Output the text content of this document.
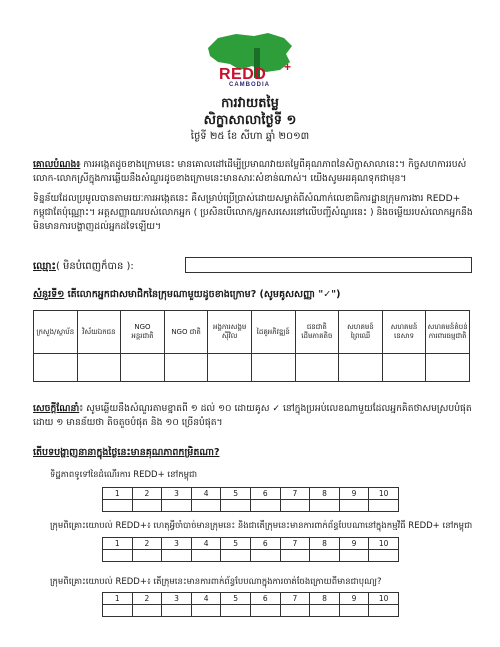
REDD +
CAMBODIA
ការវាយតម្លៃ
សិក្ខាសាលាថ្ងៃទី ១
ថ្ងៃទី ២៥ ខែ សីហា ឆ្នាំ ២០១៣
គោលបំណង៖ ការអង្កេតដូចខាងក្រោមនេះ មានគោលដៅដើម្បីប្រមាណវាយតម្លៃពីគុណភាពនៃសិក្ខាសាលានេះ។ កិច្ចសហការរបស់លោក-លោកស្រីក្នុងការឆ្លើយនឹងសំណួរដូចខាងក្រោមនេះមានសារៈសំខាន់ណាស់។ យើងសូមអរគុណទុកជាមុន។
ទិន្នន័យដែលប្រមូលបានតាមរយៈការអង្កេតនេះ គឺសម្រាប់ប្រើប្រាស់ដោយសម្ងាត់ពីសំណាក់លេខាធិការដ្ឋានក្រុមការងារ REDD+ កម្ពុជាតែប៉ុណ្ណោះ។ អត្តសញ្ញាណរបស់លោកអ្នក ( ប្រសិនបើលោក/អ្នកសរសេរនៅលើបញ្ជីសំណួរនេះ ) និងចម្លើយរបស់លោកអ្នកនឹងមិនមានការបង្ហាញដល់អ្នកដទៃឡើយ។
ឈ្មោះ( មិនបំពេញក៏បាន ):
សំនួរទី១ តើលោកអ្នកជាសមាជិកនៃក្រុមណាមួយដូចខាងក្រោម? (សូមគូសសញ្ញា "✓")
ក្រសួង/ស្ថាប័ន	វិស័យឯកជន	NGO អន្តរជាតិ	NGO ជាតិ	អង្គការសង្គមស៊ីវិល	ដៃគូអភិវឌ្ឍន៍	ជនជាតិដើមភាគតិច	សហគមន៍ព្រៃឈើ	សហគមន៍នេសាទ	សហគមន៍តំបន់ការពារធម្មជាតិ

សេចក្តីណែនាំ៖ សូមឆ្លើយនឹងសំណួរតាមខ្នាតពី ១ ដល់ ១០ ដោយគូស ✓ នៅក្នុងប្រអប់លេខណាមួយដែលអ្នកគិតថាសមស្របបំផុត ដោយ ១ មានន័យថា តិចតួចបំផុត និង ១០ ច្រើនបំផុត។
តើបទបង្ហាញនានាក្នុងថ្ងៃនេះមានគុណភាពកម្រិតណា?
ទិដ្ឋភាពទូទៅនៃដំណើរការ REDD+ នៅកម្ពុជា
1	2	3	4	5	6	7	8	9	10

ក្រុមពិគ្រោះយោបល់ REDD+៖ ហេតុអ្វីចាំបាច់មានក្រុមនេះ និងជាតើក្រុមនេះមានការពាក់ព័ន្ធបែបណានៅក្នុងកម្មវិធី REDD+ នៅកម្ពុជា
1	2	3	4	5	6	7	8	9	10

ក្រុមពិគ្រោះយោបល់ REDD+៖ តើក្រុមនេះមានការពាក់ព័ន្ធបែបណាក្នុងការចាត់ចែងក្រោយពីមានជាបុណ្យ?
1	2	3	4	5	6	7	8	9	10
